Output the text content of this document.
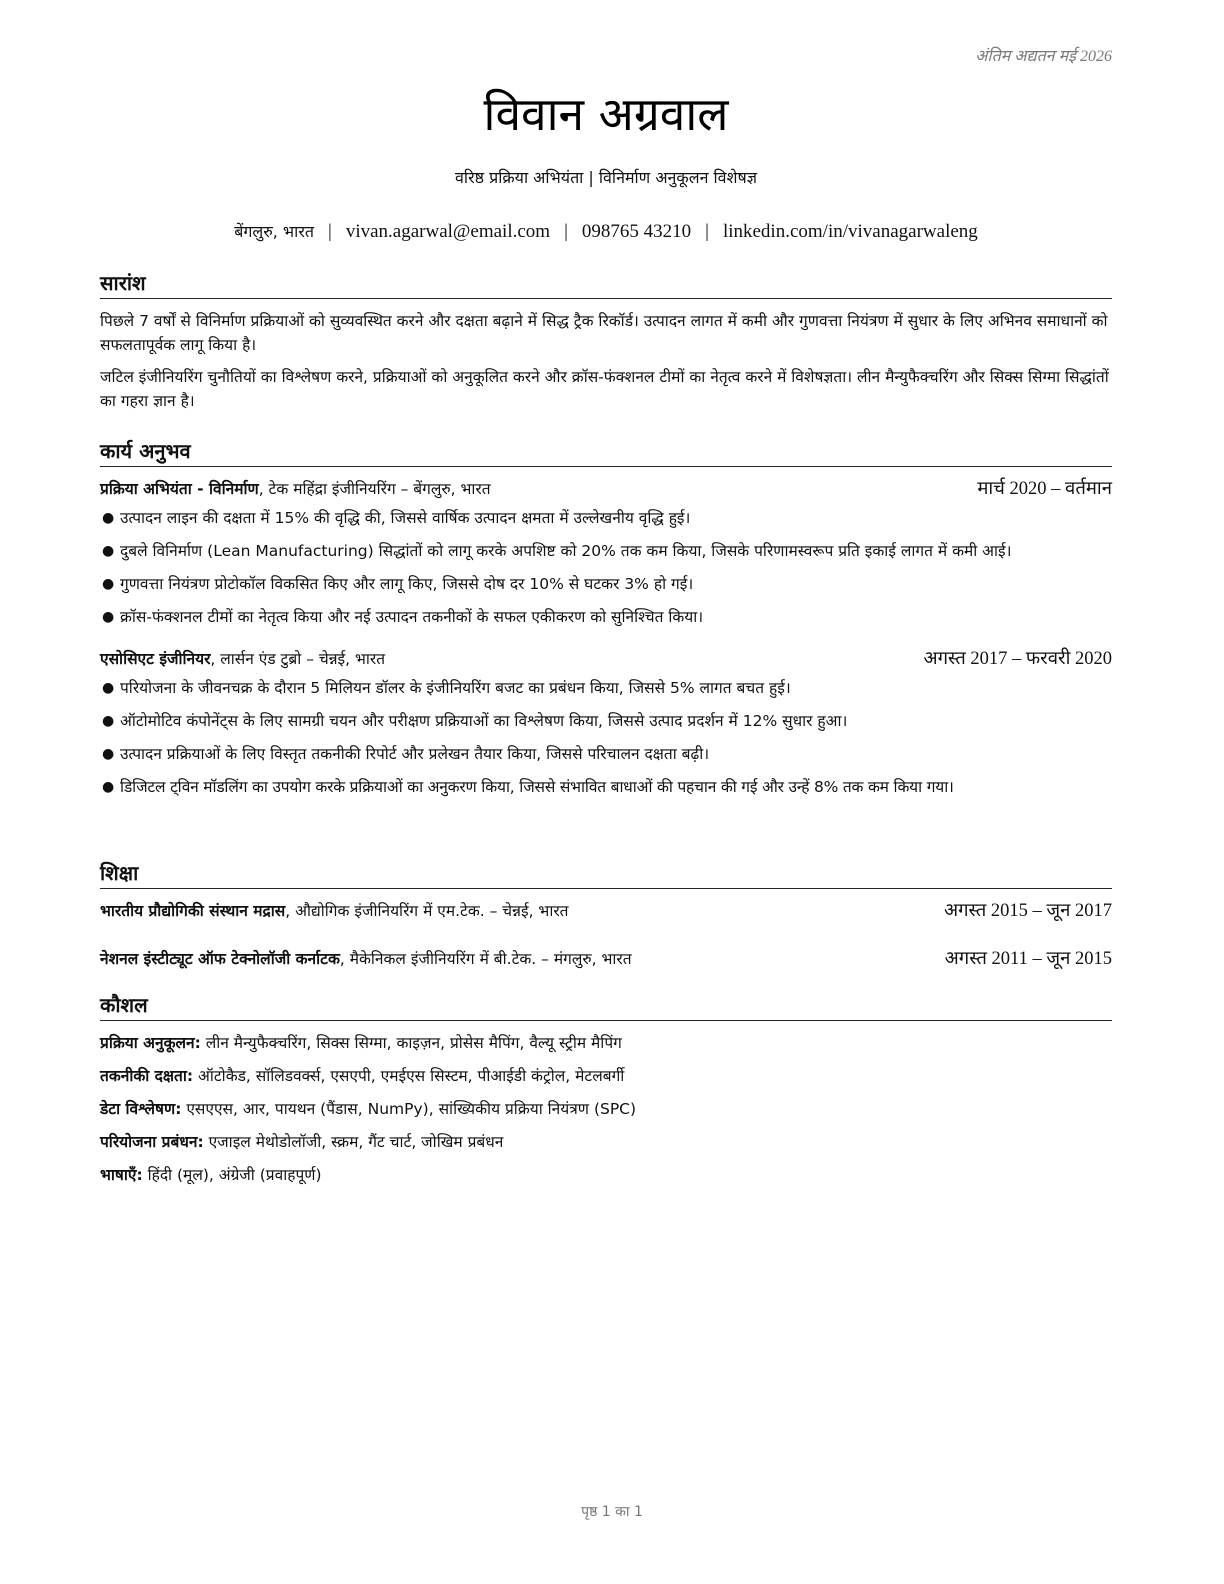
अंतिम अद्यतन मई 2026
विवान अग्रवाल
वरिष्ठ प्रक्रिया अभियंता | विनिर्माण अनुकूलन विशेषज्ञ
बेंगलुरु, भारत | vivan.agarwal@email.com | 098765 43210 | linkedin.com/in/vivanagarwaleng
सारांश

पिछले 7 वर्षों से विनिर्माण प्रक्रियाओं को सुव्यवस्थित करने और दक्षता बढ़ाने में सिद्ध ट्रैक रिकॉर्ड। उत्पादन लागत में कमी और गुणवत्ता नियंत्रण में सुधार के लिए अभिनव समाधानों को सफलतापूर्वक लागू किया है।

जटिल इंजीनियरिंग चुनौतियों का विश्लेषण करने, प्रक्रियाओं को अनुकूलित करने और क्रॉस-फंक्शनल टीमों का नेतृत्व करने में विशेषज्ञता। लीन मैन्युफैक्चरिंग और सिक्स सिग्मा सिद्धांतों का गहरा ज्ञान है।

कार्य अनुभव
प्रक्रिया अभियंता - विनिर्माण, टेक महिंद्रा इंजीनियरिंग – बेंगलुरु, भारत	मार्च 2020 – वर्तमान
● उत्पादन लाइन की दक्षता में 15% की वृद्धि की, जिससे वार्षिक उत्पादन क्षमता में उल्लेखनीय वृद्धि हुई।
● दुबले विनिर्माण (Lean Manufacturing) सिद्धांतों को लागू करके अपशिष्ट को 20% तक कम किया, जिसके परिणामस्वरूप प्रति इकाई लागत में कमी आई।
● गुणवत्ता नियंत्रण प्रोटोकॉल विकसित किए और लागू किए, जिससे दोष दर 10% से घटकर 3% हो गई।
● क्रॉस-फंक्शनल टीमों का नेतृत्व किया और नई उत्पादन तकनीकों के सफल एकीकरण को सुनिश्चित किया।
एसोसिएट इंजीनियर, लार्सन एंड टुब्रो – चेन्नई, भारत	अगस्त 2017 – फरवरी 2020
● परियोजना के जीवनचक्र के दौरान 5 मिलियन डॉलर के इंजीनियरिंग बजट का प्रबंधन किया, जिससे 5% लागत बचत हुई।
● ऑटोमोटिव कंपोनेंट्स के लिए सामग्री चयन और परीक्षण प्रक्रियाओं का विश्लेषण किया, जिससे उत्पाद प्रदर्शन में 12% सुधार हुआ।
● उत्पादन प्रक्रियाओं के लिए विस्तृत तकनीकी रिपोर्ट और प्रलेखन तैयार किया, जिससे परिचालन दक्षता बढ़ी।
● डिजिटल ट्विन मॉडलिंग का उपयोग करके प्रक्रियाओं का अनुकरण किया, जिससे संभावित बाधाओं की पहचान की गई और उन्हें 8% तक कम किया गया।
शिक्षा
भारतीय प्रौद्योगिकी संस्थान मद्रास, औद्योगिक इंजीनियरिंग में एम.टेक. – चेन्नई, भारत	अगस्त 2015 – जून 2017
नेशनल इंस्टीट्यूट ऑफ टेक्नोलॉजी कर्नाटक, मैकेनिकल इंजीनियरिंग में बी.टेक. – मंगलुरु, भारत	अगस्त 2011 – जून 2015
कौशल
प्रक्रिया अनुकूलन: लीन मैन्युफैक्चरिंग, सिक्स सिग्मा, काइज़न, प्रोसेस मैपिंग, वैल्यू स्ट्रीम मैपिंग
तकनीकी दक्षता: ऑटोकैड, सॉलिडवर्क्स, एसएपी, एमईएस सिस्टम, पीआईडी कंट्रोल, मेटलबर्गी
डेटा विश्लेषण: एसएएस, आर, पायथन (पैंडास, NumPy), सांख्यिकीय प्रक्रिया नियंत्रण (SPC)
परियोजना प्रबंधन: एजाइल मेथोडोलॉजी, स्क्रम, गैंट चार्ट, जोखिम प्रबंधन
भाषाएँ: हिंदी (मूल), अंग्रेजी (प्रवाहपूर्ण)
पृष्ठ 1 का 1
